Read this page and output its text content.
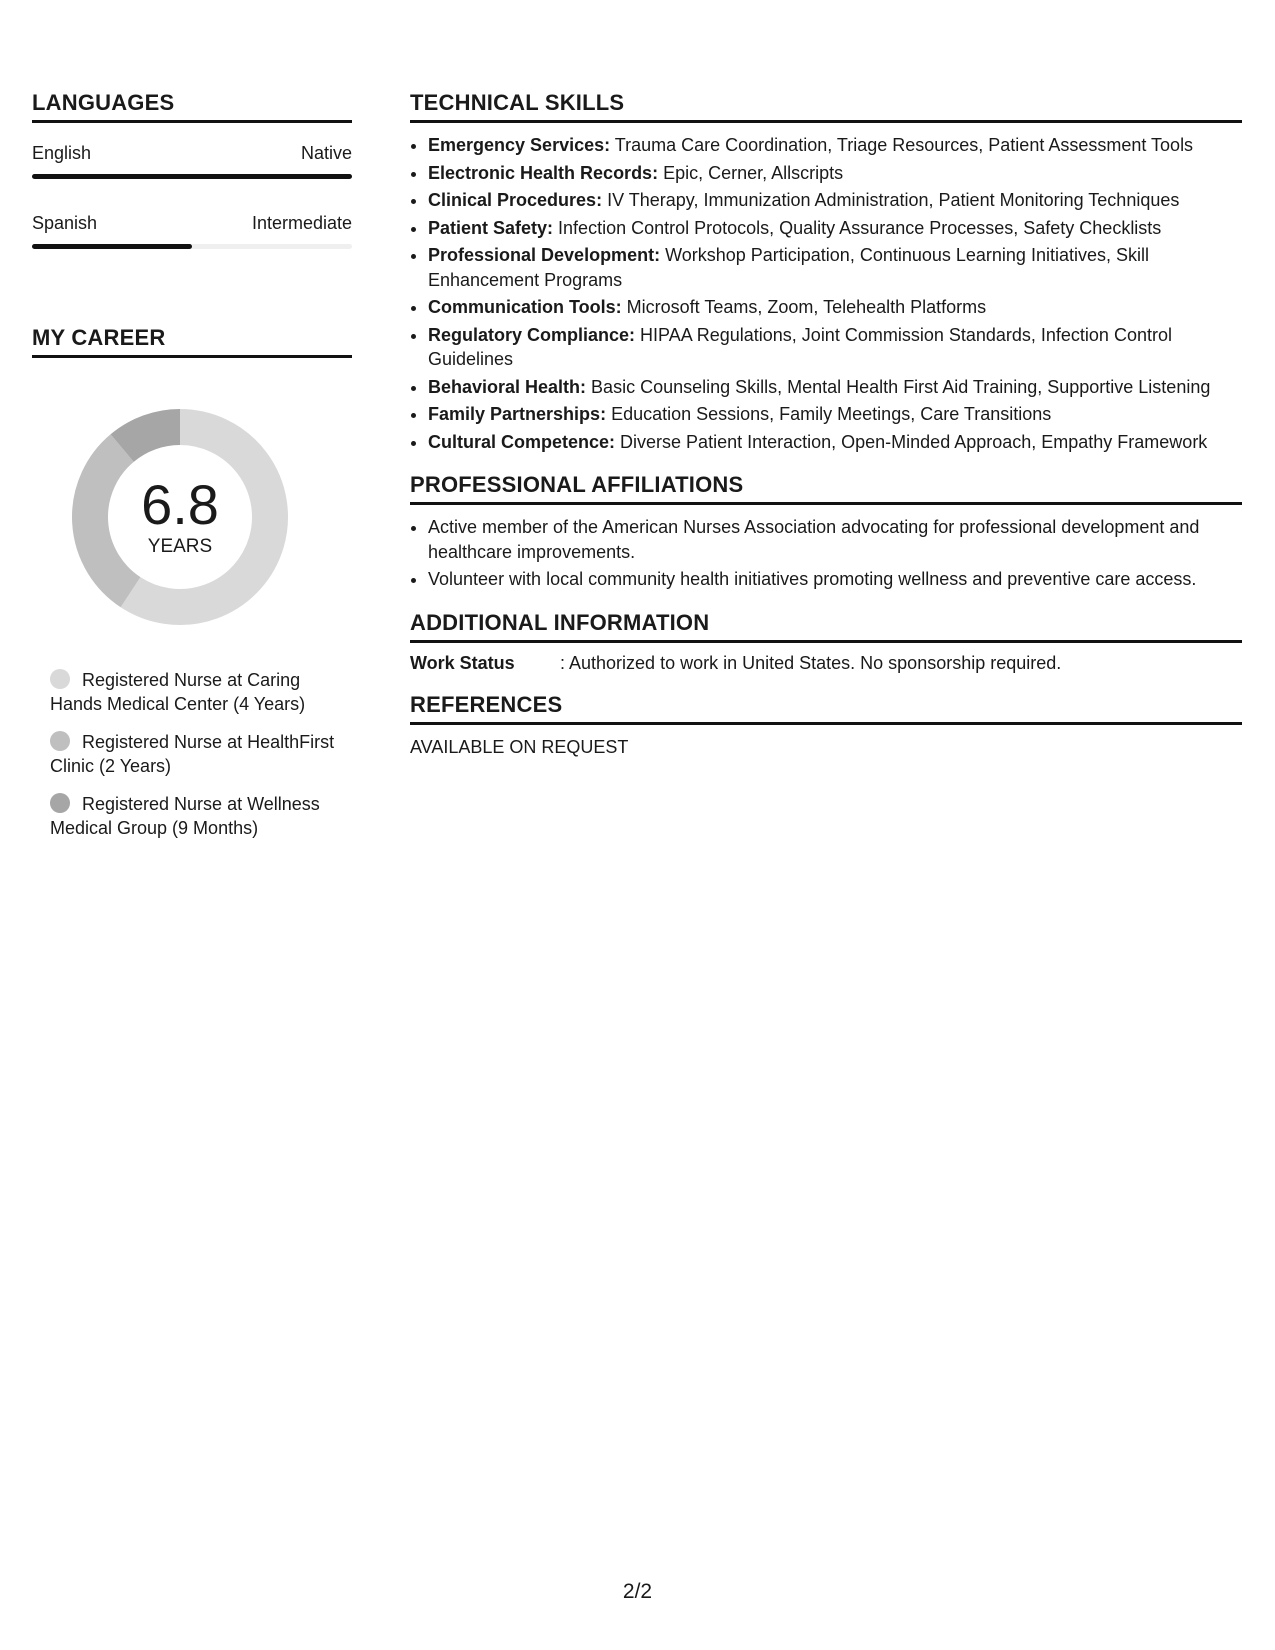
LANGUAGES
English	Native
Spanish	Intermediate
MY CAREER
6.8
YEARS
Registered Nurse at Caring Hands Medical Center (4 Years)
Registered Nurse at HealthFirst Clinic (2 Years)
Registered Nurse at Wellness Medical Group (9 Months)
TECHNICAL SKILLS
• Emergency Services: Trauma Care Coordination, Triage Resources, Patient Assessment Tools
• Electronic Health Records: Epic, Cerner, Allscripts
• Clinical Procedures: IV Therapy, Immunization Administration, Patient Monitoring Techniques
• Patient Safety: Infection Control Protocols, Quality Assurance Processes, Safety Checklists
• Professional Development: Workshop Participation, Continuous Learning Initiatives, Skill Enhancement Programs
• Communication Tools: Microsoft Teams, Zoom, Telehealth Platforms
• Regulatory Compliance: HIPAA Regulations, Joint Commission Standards, Infection Control Guidelines
• Behavioral Health: Basic Counseling Skills, Mental Health First Aid Training, Supportive Listening
• Family Partnerships: Education Sessions, Family Meetings, Care Transitions
• Cultural Competence: Diverse Patient Interaction, Open-Minded Approach, Empathy Framework
PROFESSIONAL AFFILIATIONS
• Active member of the American Nurses Association advocating for professional development and healthcare improvements.
• Volunteer with local community health initiatives promoting wellness and preventive care access.
ADDITIONAL INFORMATION
Work Status	: Authorized to work in United States. No sponsorship required.
REFERENCES
AVAILABLE ON REQUEST
2/2
